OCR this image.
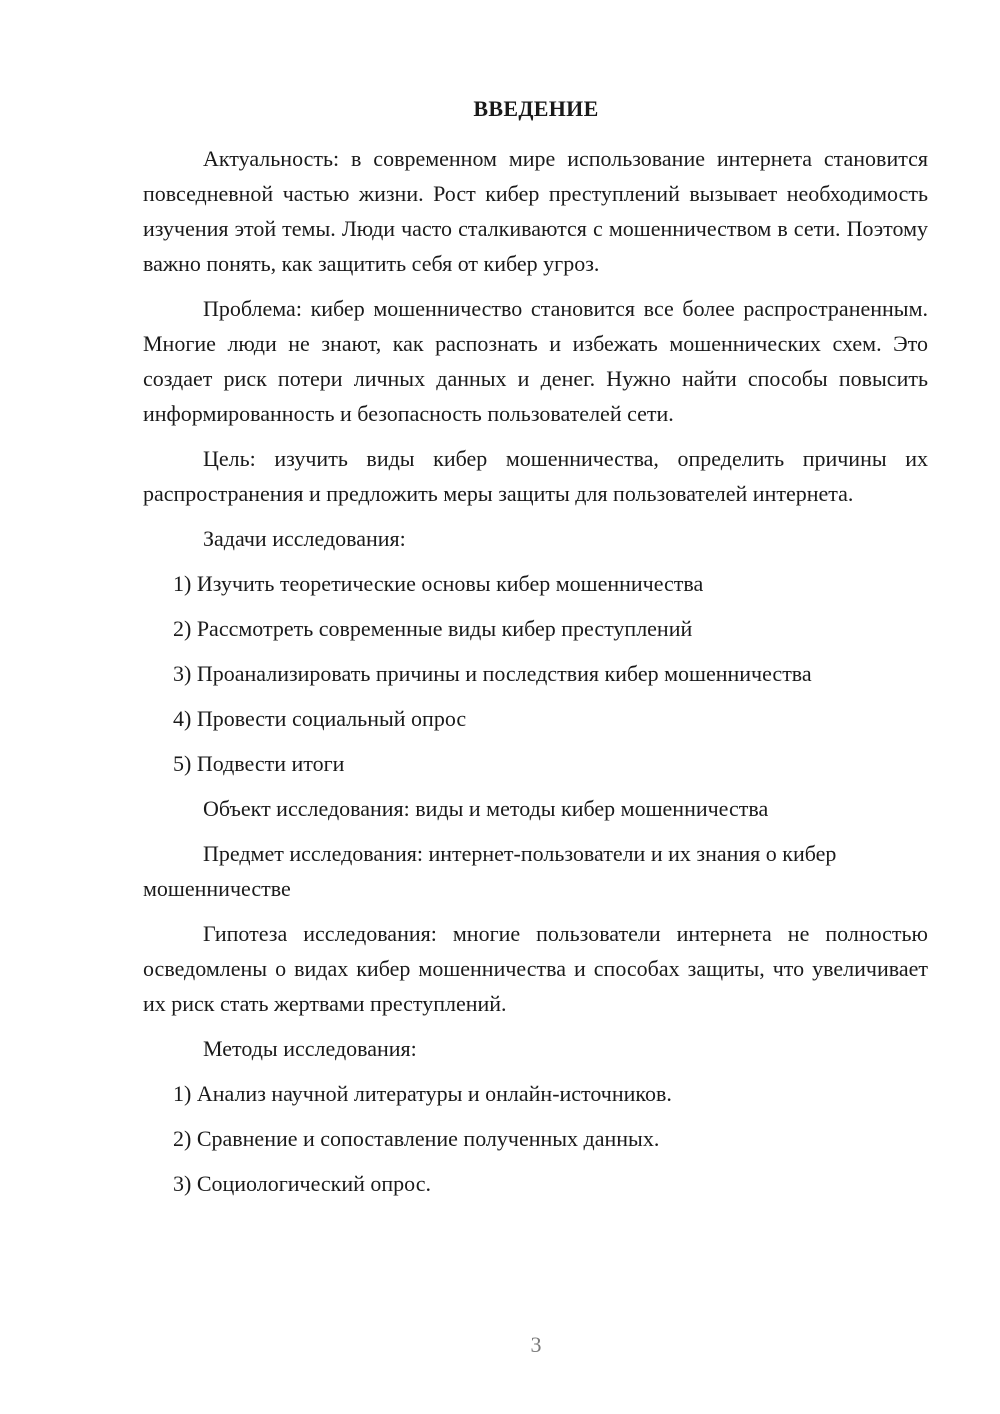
ВВЕДЕНИЕ

Актуальность: в современном мире использование интернета становится повседневной частью жизни. Рост кибер преступлений вызывает необходимость изучения этой темы. Люди часто сталкиваются с мошенничеством в сети. Поэтому важно понять, как защитить себя от кибер угроз.

Проблема: кибер мошенничество становится все более распространенным. Многие люди не знают, как распознать и избежать мошеннических схем. Это создает риск потери личных данных и денег. Нужно найти способы повысить информированность и безопасность пользователей сети.

Цель: изучить виды кибер мошенничества, определить причины их распространения и предложить меры защиты для пользователей интернета.

Задачи исследования:

1) Изучить теоретические основы кибер мошенничества
2) Рассмотреть современные виды кибер преступлений
3) Проанализировать причины и последствия кибер мошенничества
4) Провести социальный опрос
5) Подвести итоги

Объект исследования: виды и методы кибер мошенничества

Предмет исследования: интернет-пользователи и их знания о кибер мошенничестве

Гипотеза исследования: многие пользователи интернета не полностью осведомлены о видах кибер мошенничества и способах защиты, что увеличивает их риск стать жертвами преступлений.

Методы исследования:

1) Анализ научной литературы и онлайн-источников.
2) Сравнение и сопоставление полученных данных.
3) Социологический опрос.
3
